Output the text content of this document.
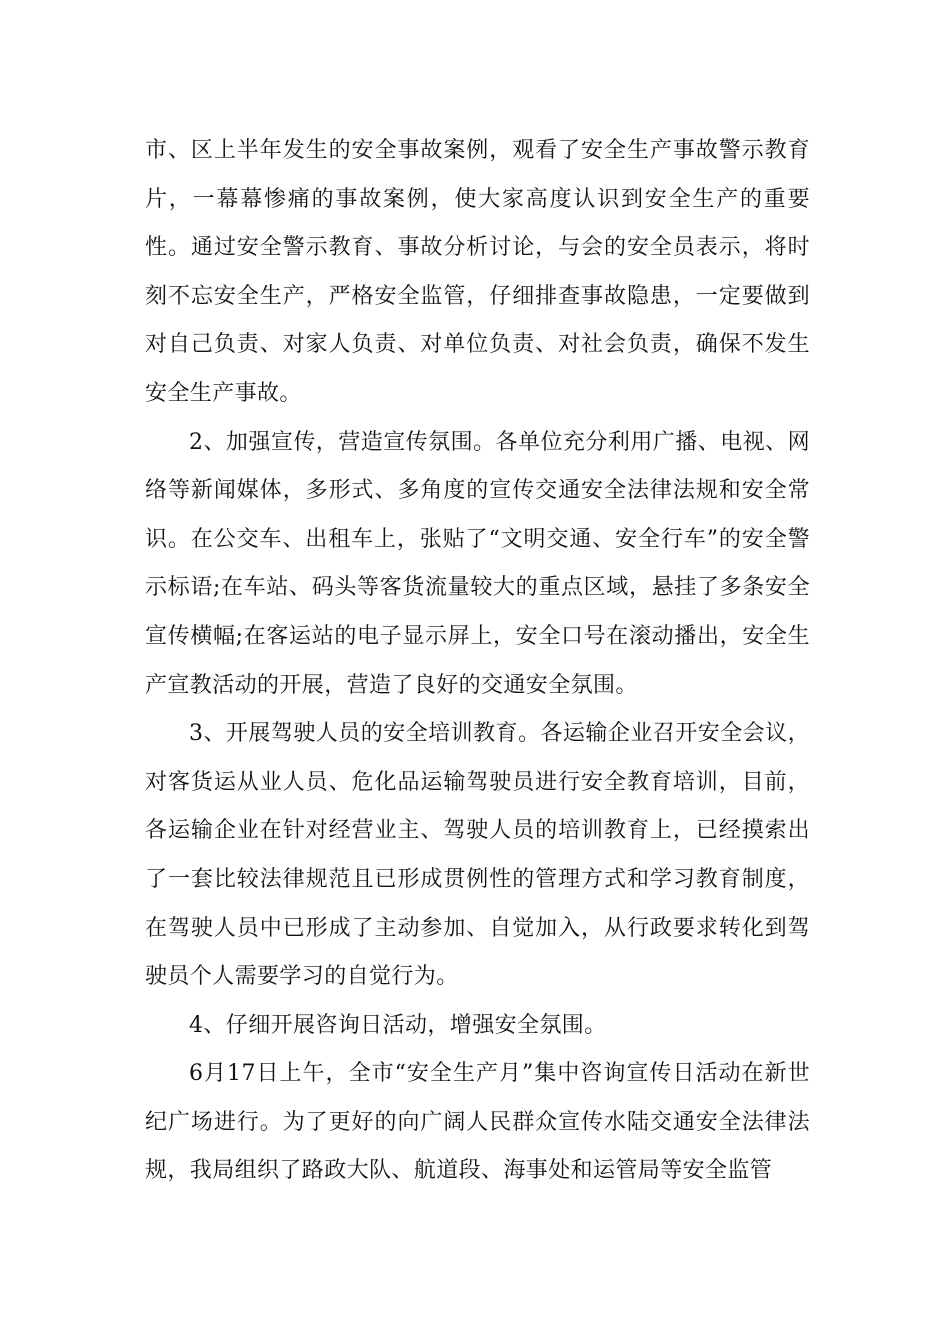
市、区上半年发生的安全事故案例，观看了安全生产事故警示教育片，一幕幕惨痛的事故案例，使大家高度认识到安全生产的重要性。通过安全警示教育、事故分析讨论，与会的安全员表示，将时刻不忘安全生产，严格安全监管，仔细排查事故隐患，一定要做到对自己负责、对家人负责、对单位负责、对社会负责，确保不发生安全生产事故。

2、加强宣传，营造宣传氛围。各单位充分利用广播、电视、网络等新闻媒体，多形式、多角度的宣传交通安全法律法规和安全常识。在公交车、出租车上，张贴了“文明交通、安全行车”的安全警示标语;在车站、码头等客货流量较大的重点区域，悬挂了多条安全宣传横幅;在客运站的电子显示屏上，安全口号在滚动播出，安全生产宣教活动的开展，营造了良好的交通安全氛围。

3、开展驾驶人员的安全培训教育。各运输企业召开安全会议，对客货运从业人员、危化品运输驾驶员进行安全教育培训，目前，各运输企业在针对经营业主、驾驶人员的培训教育上，已经摸索出了一套比较法律规范且已形成贯例性的管理方式和学习教育制度，在驾驶人员中已形成了主动参加、自觉加入，从行政要求转化到驾驶员个人需要学习的自觉行为。

4、仔细开展咨询日活动，增强安全氛围。

6月17日上午，全市“安全生产月”集中咨询宣传日活动在新世纪广场进行。为了更好的向广阔人民群众宣传水陆交通安全法律法规，我局组织了路政大队、航道段、海事处和运管局等安全监管
